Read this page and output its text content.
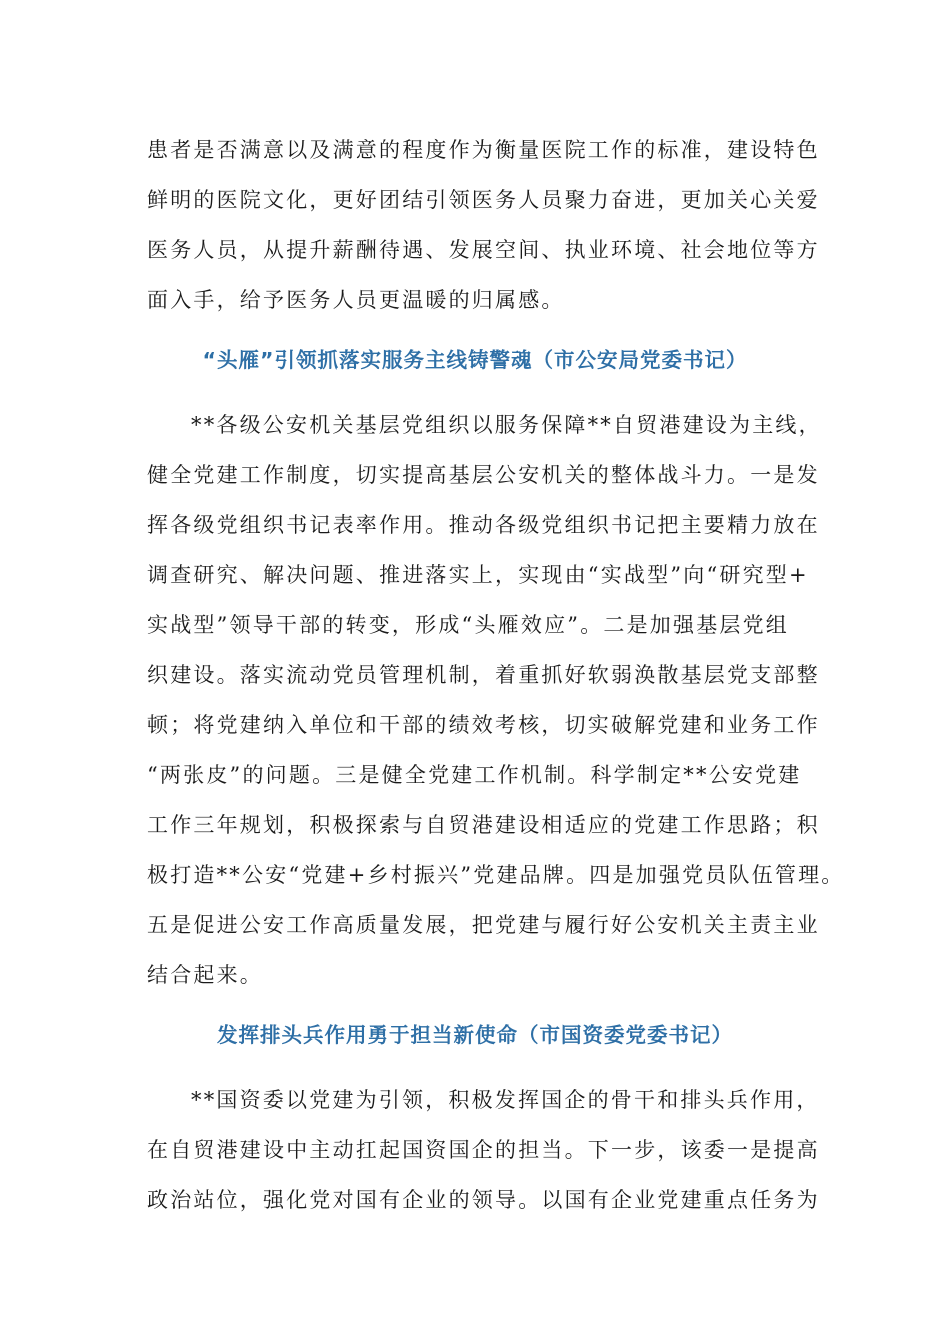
患者是否满意以及满意的程度作为衡量医院工作的标准，建设特色
鲜明的医院文化，更好团结引领医务人员聚力奋进，更加关心关爱
医务人员，从提升薪酬待遇、发展空间、执业环境、社会地位等方
面入手，给予医务人员更温暖的归属感。
“头雁”引领抓落实服务主线铸警魂（市公安局党委书记）
**各级公安机关基层党组织以服务保障**自贸港建设为主线，
健全党建工作制度，切实提高基层公安机关的整体战斗力。一是发
挥各级党组织书记表率作用。推动各级党组织书记把主要精力放在
调查研究、解决问题、推进落实上，实现由“实战型”向“研究型+
实战型”领导干部的转变，形成“头雁效应”。二是加强基层党组
织建设。落实流动党员管理机制，着重抓好软弱涣散基层党支部整
顿；将党建纳入单位和干部的绩效考核，切实破解党建和业务工作
“两张皮”的问题。三是健全党建工作机制。科学制定**公安党建
工作三年规划，积极探索与自贸港建设相适应的党建工作思路；积
极打造**公安“党建+乡村振兴”党建品牌。四是加强党员队伍管理。
五是促进公安工作高质量发展，把党建与履行好公安机关主责主业
结合起来。
发挥排头兵作用勇于担当新使命（市国资委党委书记）
**国资委以党建为引领，积极发挥国企的骨干和排头兵作用，
在自贸港建设中主动扛起国资国企的担当。下一步，该委一是提高
政治站位，强化党对国有企业的领导。以国有企业党建重点任务为
